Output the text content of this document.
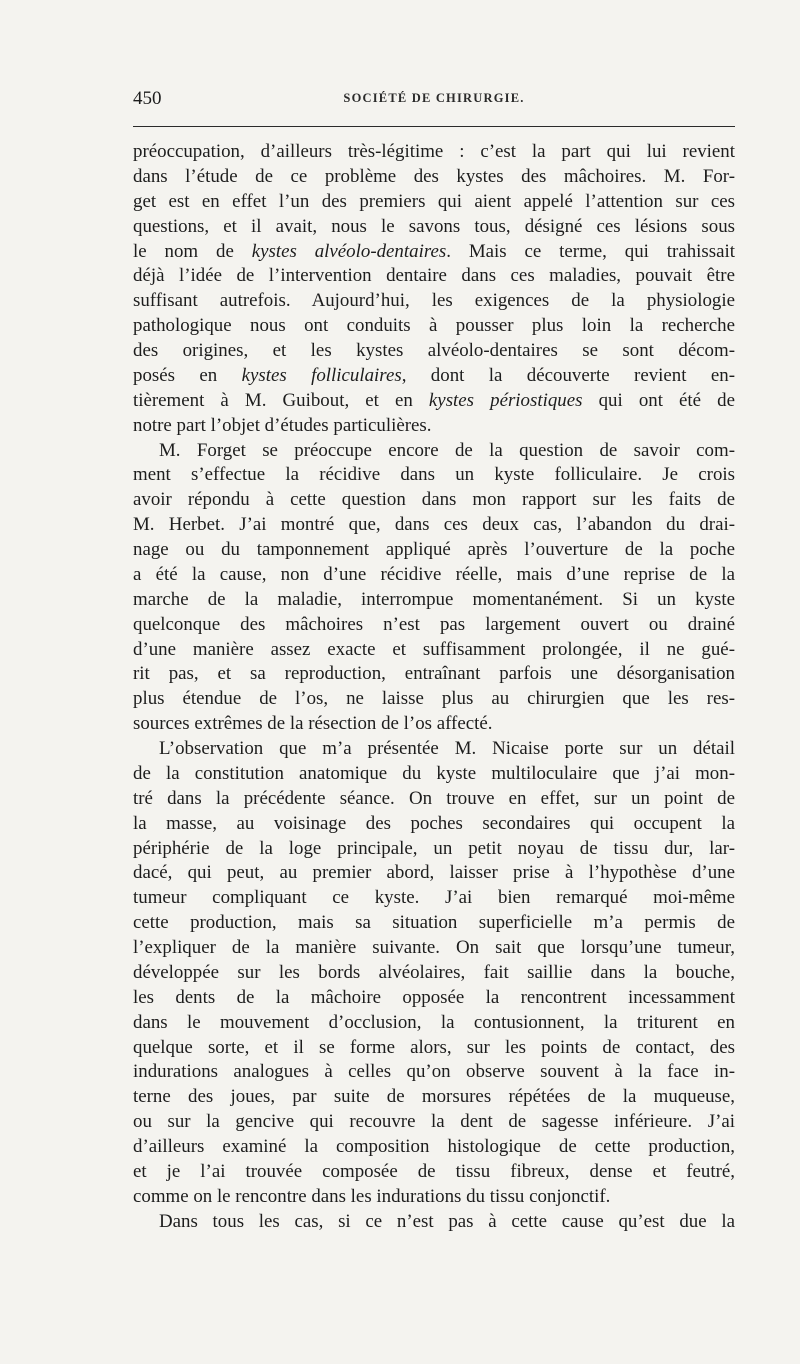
450	SOCIÉTÉ DE CHIRURGIE.
préoccupation, d’ailleurs très-légitime : c’est la part qui lui revient
dans l’étude de ce problème des kystes des mâchoires. M. For-
get est en effet l’un des premiers qui aient appelé l’attention sur ces
questions, et il avait, nous le savons tous, désigné ces lésions sous
le nom de kystes alvéolo-dentaires. Mais ce terme, qui trahissait
déjà l’idée de l’intervention dentaire dans ces maladies, pouvait être
suffisant autrefois. Aujourd’hui, les exigences de la physiologie
pathologique nous ont conduits à pousser plus loin la recherche
des origines, et les kystes alvéolo-dentaires se sont décom-
posés en kystes folliculaires, dont la découverte revient en-
tièrement à M. Guibout, et en kystes périostiques qui ont été de
notre part l’objet d’études particulières.
M. Forget se préoccupe encore de la question de savoir com-
ment s’effectue la récidive dans un kyste folliculaire. Je crois
avoir répondu à cette question dans mon rapport sur les faits de
M. Herbet. J’ai montré que, dans ces deux cas, l’abandon du drai-
nage ou du tamponnement appliqué après l’ouverture de la poche
a été la cause, non d’une récidive réelle, mais d’une reprise de la
marche de la maladie, interrompue momentanément. Si un kyste
quelconque des mâchoires n’est pas largement ouvert ou drainé
d’une manière assez exacte et suffisamment prolongée, il ne gué-
rit pas, et sa reproduction, entraînant parfois une désorganisation
plus étendue de l’os, ne laisse plus au chirurgien que les res-
sources extrêmes de la résection de l’os affecté.
L’observation que m’a présentée M. Nicaise porte sur un détail
de la constitution anatomique du kyste multiloculaire que j’ai mon-
tré dans la précédente séance. On trouve en effet, sur un point de
la masse, au voisinage des poches secondaires qui occupent la
périphérie de la loge principale, un petit noyau de tissu dur, lar-
dacé, qui peut, au premier abord, laisser prise à l’hypothèse d’une
tumeur compliquant ce kyste. J’ai bien remarqué moi-même
cette production, mais sa situation superficielle m’a permis de
l’expliquer de la manière suivante. On sait que lorsqu’une tumeur,
développée sur les bords alvéolaires, fait saillie dans la bouche,
les dents de la mâchoire opposée la rencontrent incessamment
dans le mouvement d’occlusion, la contusionnent, la triturent en
quelque sorte, et il se forme alors, sur les points de contact, des
indurations analogues à celles qu’on observe souvent à la face in-
terne des joues, par suite de morsures répétées de la muqueuse,
ou sur la gencive qui recouvre la dent de sagesse inférieure. J’ai
d’ailleurs examiné la composition histologique de cette production,
et je l’ai trouvée composée de tissu fibreux, dense et feutré,
comme on le rencontre dans les indurations du tissu conjonctif.
Dans tous les cas, si ce n’est pas à cette cause qu’est due la
